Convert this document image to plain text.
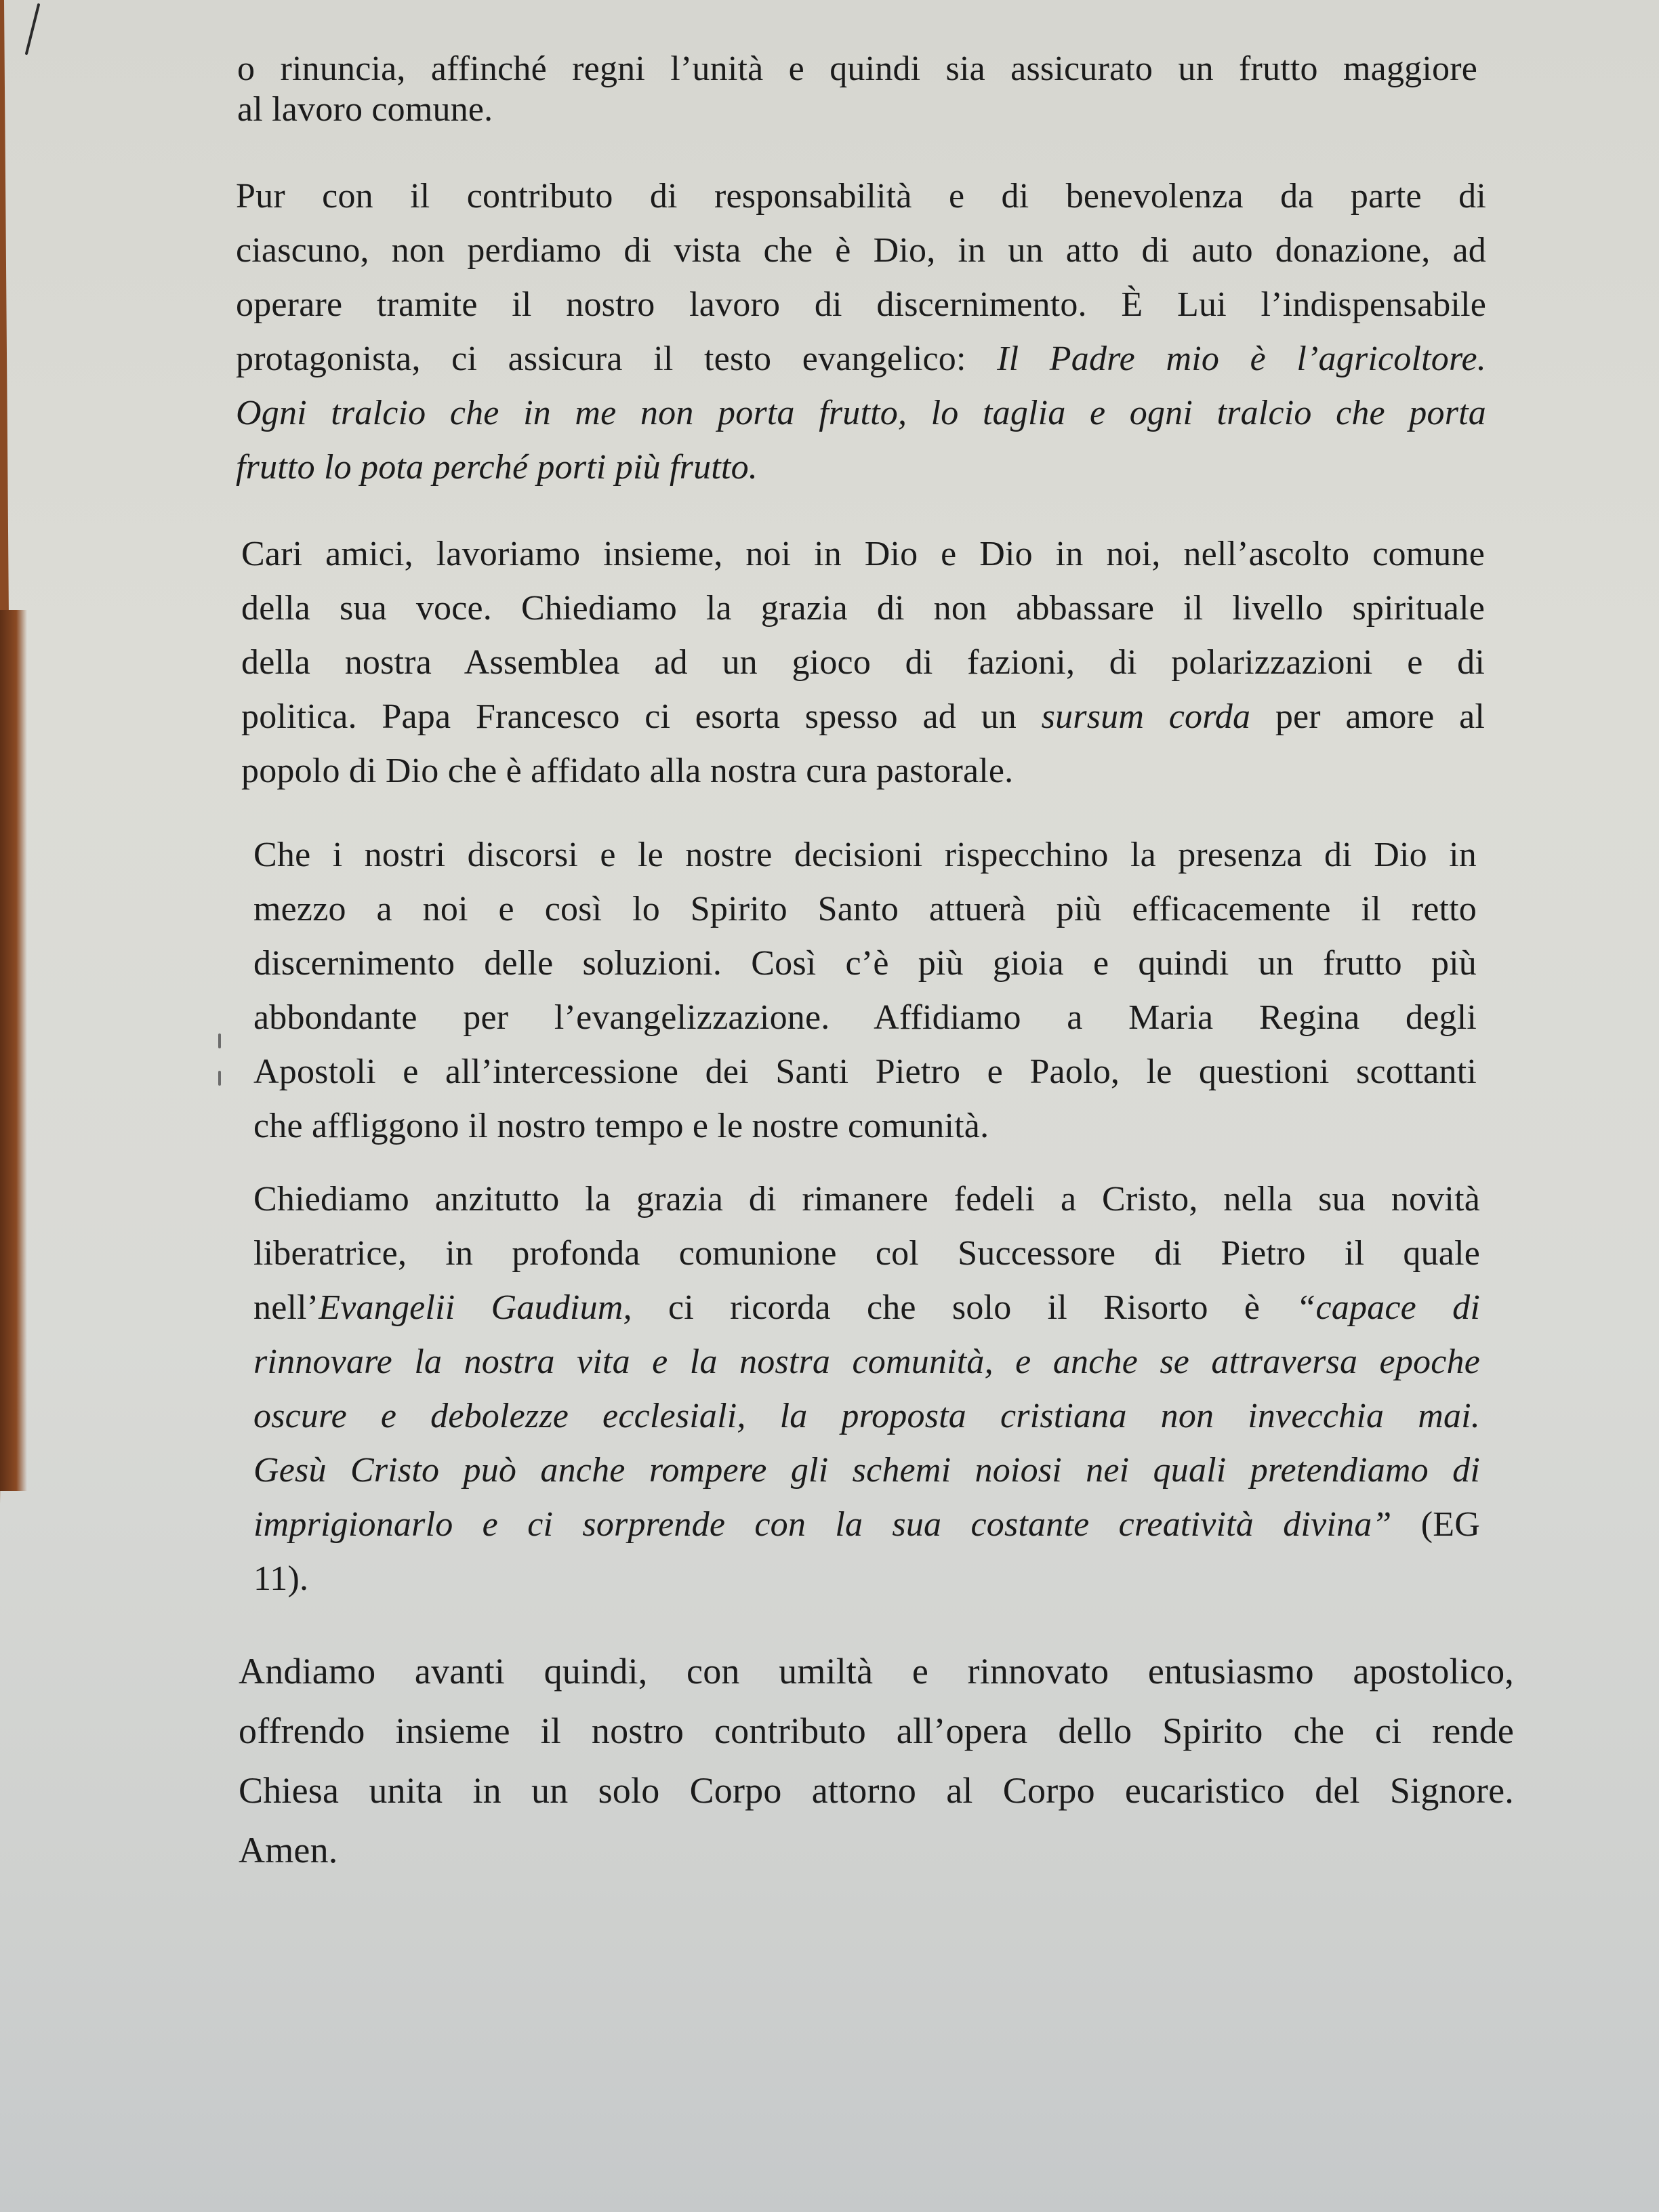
o rinuncia, affinché regni l’unità e quindi sia assicurato un frutto maggiore
al lavoro comune.
Pur con il contributo di responsabilità e di benevolenza da parte di
ciascuno, non perdiamo di vista che è Dio, in un atto di auto donazione, ad
operare tramite il nostro lavoro di discernimento. È Lui l’indispensabile
protagonista, ci assicura il testo evangelico: Il Padre mio è l’agricoltore.
Ogni tralcio che in me non porta frutto, lo taglia e ogni tralcio che porta
frutto lo pota perché porti più frutto.
Cari amici, lavoriamo insieme, noi in Dio e Dio in noi, nell’ascolto comune
della sua voce. Chiediamo la grazia di non abbassare il livello spirituale
della nostra Assemblea ad un gioco di fazioni, di polarizzazioni e di
politica. Papa Francesco ci esorta spesso ad un sursum corda per amore al
popolo di Dio che è affidato alla nostra cura pastorale.
Che i nostri discorsi e le nostre decisioni rispecchino la presenza di Dio in
mezzo a noi e così lo Spirito Santo attuerà più efficacemente il retto
discernimento delle soluzioni. Così c’è più gioia e quindi un frutto più
abbondante per l’evangelizzazione. Affidiamo a Maria Regina degli
Apostoli e all’intercessione dei Santi Pietro e Paolo, le questioni scottanti
che affliggono il nostro tempo e le nostre comunità.
Chiediamo anzitutto la grazia di rimanere fedeli a Cristo, nella sua novità
liberatrice, in profonda comunione col Successore di Pietro il quale
nell’Evangelii Gaudium, ci ricorda che solo il Risorto è “capace di
rinnovare la nostra vita e la nostra comunità, e anche se attraversa epoche
oscure e debolezze ecclesiali, la proposta cristiana non invecchia mai.
Gesù Cristo può anche rompere gli schemi noiosi nei quali pretendiamo di
imprigionarlo e ci sorprende con la sua costante creatività divina” (EG
11).
Andiamo avanti quindi, con umiltà e rinnovato entusiasmo apostolico,
offrendo insieme il nostro contributo all’opera dello Spirito che ci rende
Chiesa unita in un solo Corpo attorno al Corpo eucaristico del Signore.
Amen.
